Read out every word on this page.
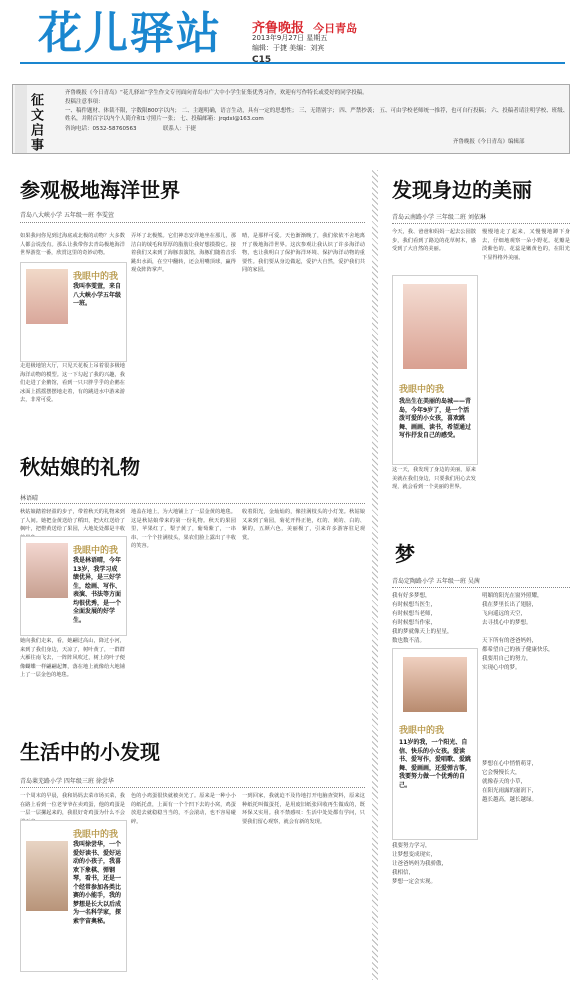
花儿驿站 齐鲁晚报 今日青岛
2013年9月27日 星期五
编辑：于捷 美编：刘宾
C15
征文启事	齐鲁晚报《今日青岛》“花儿驿站”学生作文专刊面向青岛市广大中小学生征集优秀习作，欢迎有写作特长或爱好的同学投稿。
投稿注意事项：
一、稿件题材、体裁不限，字数限800字以内； 二、主题明确，语言生动，具有一定的思想性； 三、无错别字； 四、严禁抄袭； 五、可由学校老师统一推荐，也可自行投稿； 六、投稿者请注明学校、班级、姓名，并附百字以内个人简介和1寸照片一张； 七、投稿邮箱：jrqdxl@163.com
咨询电话：0532-58760563	联系人：于捷
齐鲁晚报《今日青岛》编辑部
参观极地海洋世界
青岛八大峡小学 五年级一班 李雯萱
我眼中的我
我叫李雯萱，来自八大峡小学五年级一班。
如果我问你见到过海底或北极的动物？大多数人都会说没有。那么让我带你去青岛极地海洋世界游览一番，欣赏这里的奇妙动物。
走进极地馆大厅，只见天花板上吊着很多极地海洋动物的模型。这一下勾起了我的兴趣，我们走进了企鹅馆，看到一只只胖乎乎的企鹅在冰面上摇摇摆摆地走着，有的跳进水中游来游去，非常可爱。
弄坏了北极熊。它们神态安详地坐在那儿，那洁白的绒毛和厚厚的脂肪让我好想摸摸它。接着我们又来到了海豚表演馆，海豚们随着音乐跳出水面，在空中翻转，还会用嘴顶球，赢得观众阵阵掌声。
晴，是那样可爱。天色渐渐晚了，我们依依不舍地离开了极地海洋世界。这次参观让我认识了许多海洋动物，也让我明白了保护海洋环境、保护海洋动物的重要性。我们要从身边做起，爱护大自然，爱护我们共同的家园。
秋姑娘的礼物
林语晴
秋姑娘踏着轻盈的步子，带着秋天的礼物来到了人间。她把金黄送给了稻田，把火红送给了枫叶，把橙黄送给了果园，大地处处都是丰收
我眼中的我
我是林语晴，今年13岁，我学习成绩优异，是三好学生，绘画、写作、表演、书法等方面均很优秀，是一个全面发展的好学生。
她向我们走来，看，她翩过高山，降过小河，来到了我们身边，天凉了，树叶黄了，一群群大雁往南飞去，一阵阵风吹过，树上的叶子便像蝴蝶一样翩翩起舞，落在地上就像给大地铺上了一层金色的地毯。
地盖在地上，为大地铺上了一层金黄的地毯。这是秋姑娘带来的第一份礼物。秋天的果园里，苹果红了，梨子黄了，葡萄紫了，一串串、一个个挂满枝头，果农们脸上露出了丰收的笑容。
收着阳光，金灿灿的，像挂满枝头的小灯笼。秋姑娘又来到了菊园，菊花开得正艳，红的、黄的、白的、紫的，五颜六色，美丽极了，引来许多游客驻足观赏。
生活中的小发现
青岛莱芜路小学 四年级三班 徐尝华
一个周末的早晨，我和妈妈去菜市场买菜，我在路上看到一位老爷爷在卖鸡蛋，他的鸡蛋是一层一层摞起来的，我很好奇鸡蛋为什么不会
我眼中的我
我叫徐尝华，一个爱好读书、爱好运动的小孩子，我喜欢下象棋、弹钢琴，看书，还是一个经常参加各类比赛的小能手，我的梦想是长大以后成为一名科学家，探索宇宙奥秘。
色的小鸡蛋很快就被卖光了。原来是一种小小的纸托盘，上面有一个个凹下去的小窝，鸡蛋放进去就稳稳当当的，不会滚动，也不容易碰碎。
一到回家，我就迫不及待地打开电脑查资料，原来这种纸托叫做蛋托，是用废旧纸张回收再生做成的，既环保又实用。我不禁感叹：生活中处处都有学问，只要我们留心观察，就会有新的发现。
发现身边的美丽
青岛云南路小学 三年级二班 刘依琳
今天，我、爸爸和妈妈一起去公园散步，我们看到了路边的花草树木，感受到了大自然的美丽。
我眼中的我
我出生在美丽的岛城——青岛，今年9岁了，是一个活泼可爱的小女孩，喜欢跳舞、画画、读书，希望通过写作抒发自己的感受。
这一天，我发现了身边的美丽，原来美就在我们身边，只要我们用心去发现，就会看到一个美丽的世界。
慢慢地走了起来，又慢慢地蹲下身去，仔细地观察一朵小野花。花瓣是淡紫色的，花蕊是嫩黄色的，在阳光下显得格外美丽。
梦
青岛定陶路小学 五年级一班 吴茜
我有好多梦想，
有时候想当医生，
有时候想当老师，
有时候想当作家，
我的梦就像天上的星星，
数也数不清。
我眼中的我
11岁的我，一个阳光、自信、快乐的小女孩。爱读书、爱写作，爱唱歌、爱跳舞、爱画画，还爱弹古筝，我要努力做一个优秀的自己。
我要努力学习，
让梦想变成现实，
让爸爸妈妈为我骄傲，
我相信，
梦想一定会实现。
明媚的阳光在窗外照耀，
我在梦里长出了翅膀，
飞向遥远的天空，
去寻找心中的梦想。

天下所有的爸爸妈妈，
都希望自己的孩子健康快乐，
我要用自己的努力，
实现心中的梦。
梦想在心中悄悄萌芽，
它会慢慢长大，
就像春天的小草，
在阳光雨露的滋润下，
越长越高，越长越绿。
